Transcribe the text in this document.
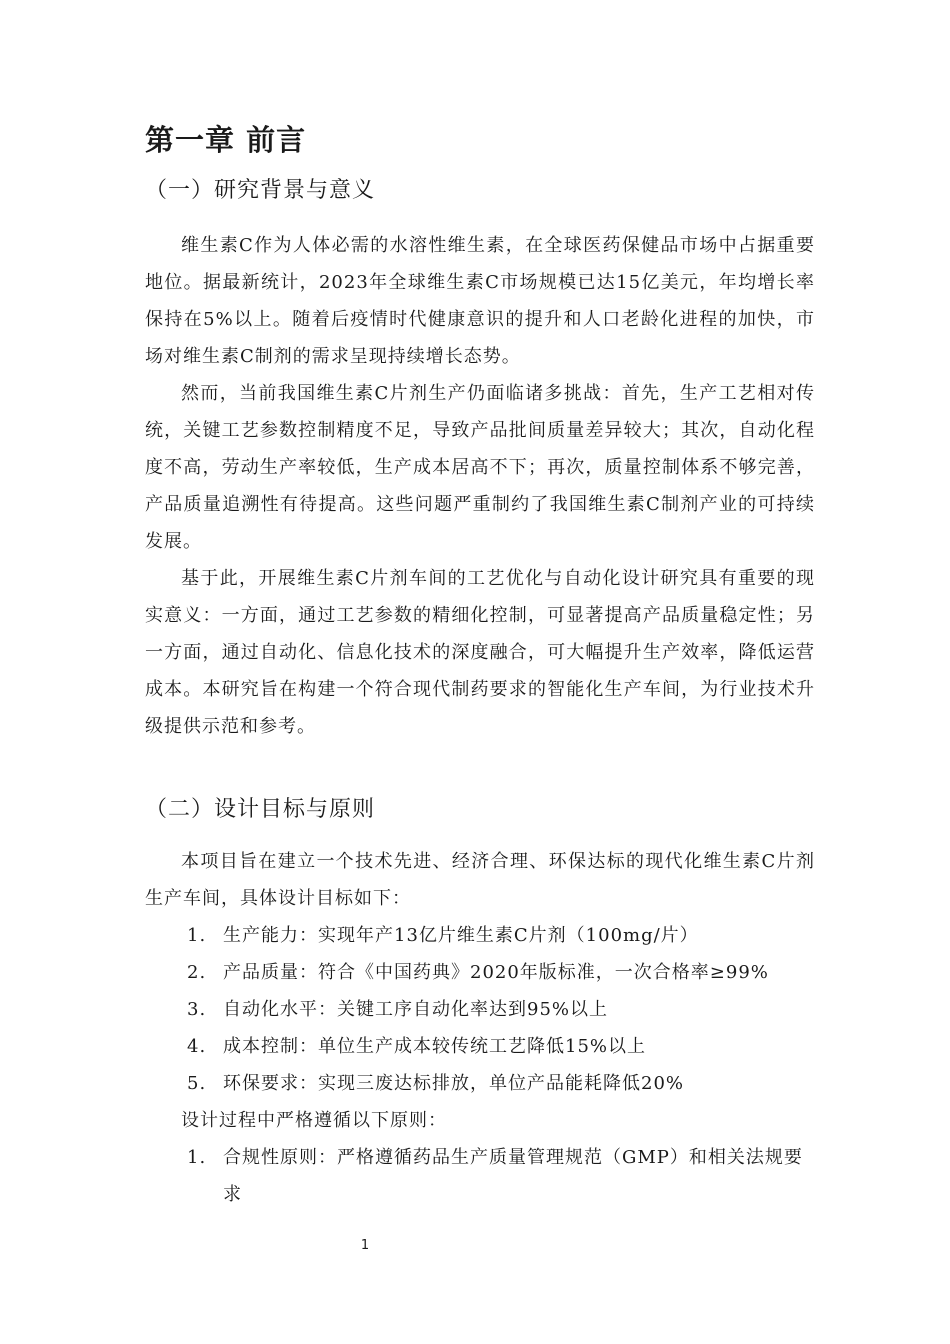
第一章 前言
（一）研究背景与意义

维生素C作为人体必需的水溶性维生素，在全球医药保健品市场中占据重要地位。据最新统计，2023年全球维生素C市场规模已达15亿美元，年均增长率保持在5%以上。随着后疫情时代健康意识的提升和人口老龄化进程的加快，市场对维生素C制剂的需求呈现持续增长态势。

然而，当前我国维生素C片剂生产仍面临诸多挑战：首先，生产工艺相对传统，关键工艺参数控制精度不足，导致产品批间质量差异较大；其次，自动化程度不高，劳动生产率较低，生产成本居高不下；再次，质量控制体系不够完善，产品质量追溯性有待提高。这些问题严重制约了我国维生素C制剂产业的可持续发展。

基于此，开展维生素C片剂车间的工艺优化与自动化设计研究具有重要的现实意义：一方面，通过工艺参数的精细化控制，可显著提高产品质量稳定性；另一方面，通过自动化、信息化技术的深度融合，可大幅提升生产效率，降低运营成本。本研究旨在构建一个符合现代制药要求的智能化生产车间，为行业技术升级提供示范和参考。

（二）设计目标与原则

本项目旨在建立一个技术先进、经济合理、环保达标的现代化维生素C片剂生产车间，具体设计目标如下：

1. 生产能力：实现年产13亿片维生素C片剂（100mg/片）
2. 产品质量：符合《中国药典》2020年版标准，一次合格率≥99%
3. 自动化水平：关键工序自动化率达到95%以上
4. 成本控制：单位生产成本较传统工艺降低15%以上
5. 环保要求：实现三废达标排放，单位产品能耗降低20%

设计过程中严格遵循以下原则：

1. 合规性原则：严格遵循药品生产质量管理规范（GMP）和相关法规要求
1
